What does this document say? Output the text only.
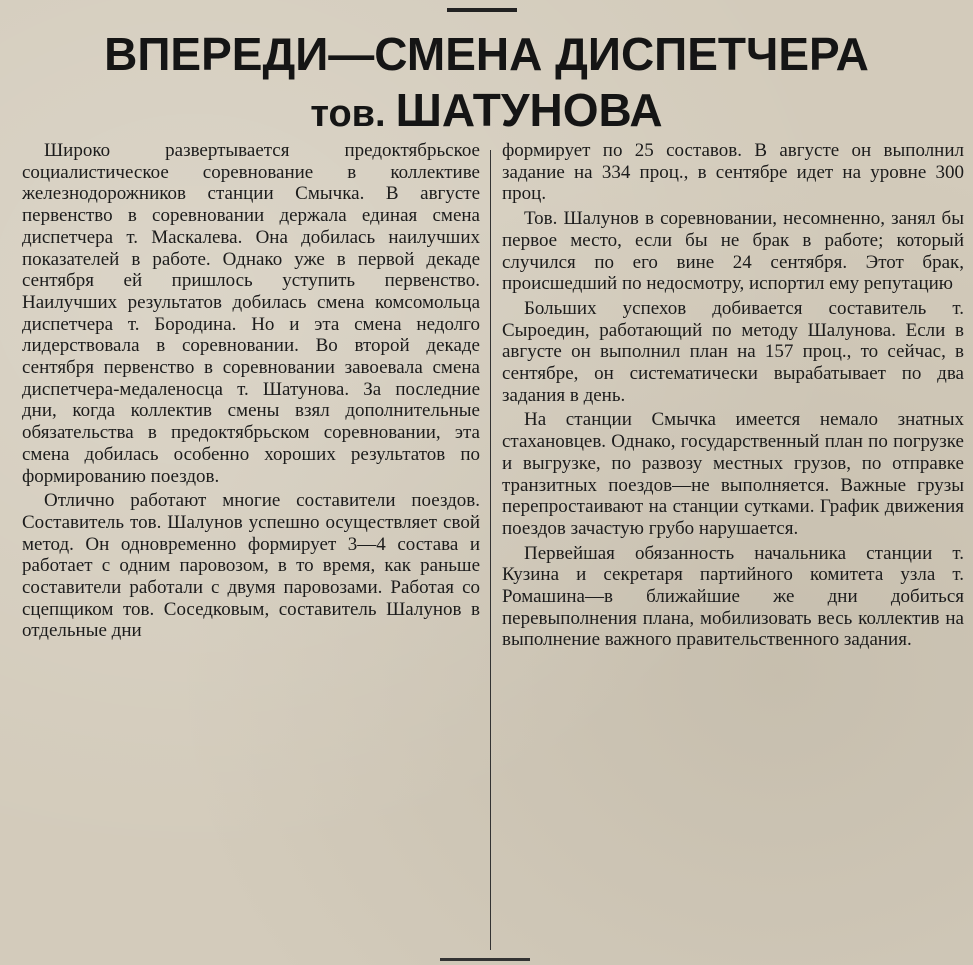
ВПЕРЕДИ—СМЕНА ДИСПЕТЧЕРА
тов. ШАТУНОВА

Широко развертывается предоктябрьское социалистическое соревнование в коллективе железнодорожников станции Смычка. В августе первенство в соревновании держала единая смена диспетчера т. Маскалева. Она добилась наилучших показателей в работе. Однако уже в первой декаде сентября ей пришлось уступить первенство. Наилучших результатов добилась смена комсомольца диспетчера т. Бородина. Но и эта смена недолго лидерствовала в соревновании. Во второй декаде сентября первенство в соревновании завоевала смена диспетчера-медаленосца т. Шатунова. За последние дни, когда коллектив смены взял дополнительные обязательства в предоктябрьском соревновании, эта смена добилась особенно хороших результатов по формированию поездов.

Отлично работают многие составители поездов. Составитель тов. Шалунов успешно осуществляет свой метод. Он одновременно формирует 3—4 состава и работает с одним паровозом, в то время, как раньше составители работали с двумя паровозами. Работая со сцепщиком тов. Соседковым, составитель Шалунов в отдельные дни

формирует по 25 составов. В августе он выполнил задание на 334 проц., в сентябре идет на уровне 300 проц.

Тов. Шалунов в соревновании, несомненно, занял бы первое место, если бы не брак в работе; который случился по его вине 24 сентября. Этот брак, происшедший по недосмотру, испортил ему репутацию

Больших успехов добивается составитель т. Сыроедин, работающий по методу Шалунова. Если в августе он выполнил план на 157 проц., то сейчас, в сентябре, он систематически вырабатывает по два задания в день.

На станции Смычка имеется немало знатных стахановцев. Однако, государственный план по погрузке и выгрузке, по развозу местных грузов, по отправке транзитных поездов—не выполняется. Важные грузы перепростаивают на станции сутками. График движения поездов зачастую грубо нарушается.

Первейшая обязанность начальника станции т. Кузина и секретаря партийного комитета узла т. Ромашина—в ближайшие же дни добиться перевыполнения плана, мобилизовать весь коллектив на выполнение важного правительственного задания.
